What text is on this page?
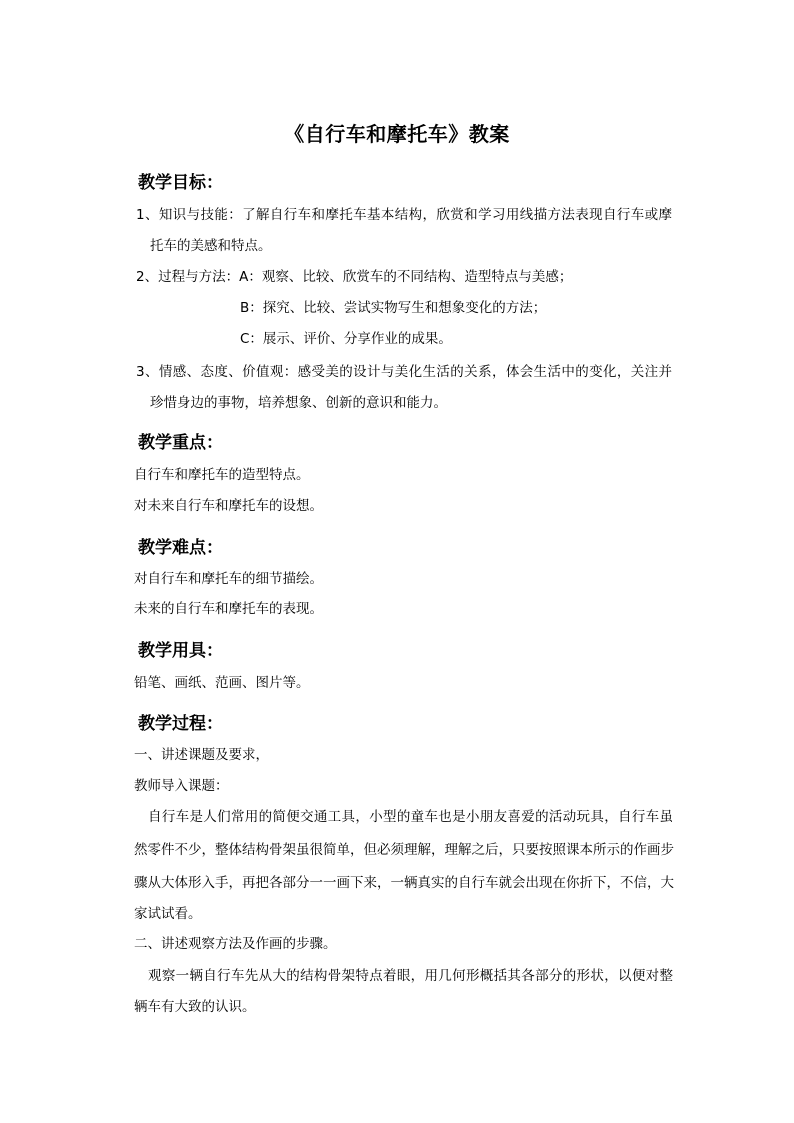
《自行车和摩托车》教案
教学目标：
1、知识与技能：了解自行车和摩托车基本结构，欣赏和学习用线描方法表现自行车或摩
托车的美感和特点。
2、过程与方法：A：观察、比较、欣赏车的不同结构、造型特点与美感；
B：探究、比较、尝试实物写生和想象变化的方法；
C：展示、评价、分享作业的成果。
3、情感、态度、价值观：感受美的设计与美化生活的关系，体会生活中的变化，关注并
珍惜身边的事物，培养想象、创新的意识和能力。
教学重点：
自行车和摩托车的造型特点。
对未来自行车和摩托车的设想。
教学难点：
对自行车和摩托车的细节描绘。
未来的自行车和摩托车的表现。
教学用具：
铅笔、画纸、范画、图片等。
教学过程：
一、讲述课题及要求，
教师导入课题：
自行车是人们常用的简便交通工具，小型的童车也是小朋友喜爱的活动玩具，自行车虽
然零件不少，整体结构骨架虽很简单，但必须理解，理解之后，只要按照课本所示的作画步
骤从大体形入手，再把各部分一一画下来，一辆真实的自行车就会出现在你折下，不信，大
家试试看。
二、讲述观察方法及作画的步骤。
观察一辆自行车先从大的结构骨架特点着眼，用几何形概括其各部分的形状，以便对整
辆车有大致的认识。
